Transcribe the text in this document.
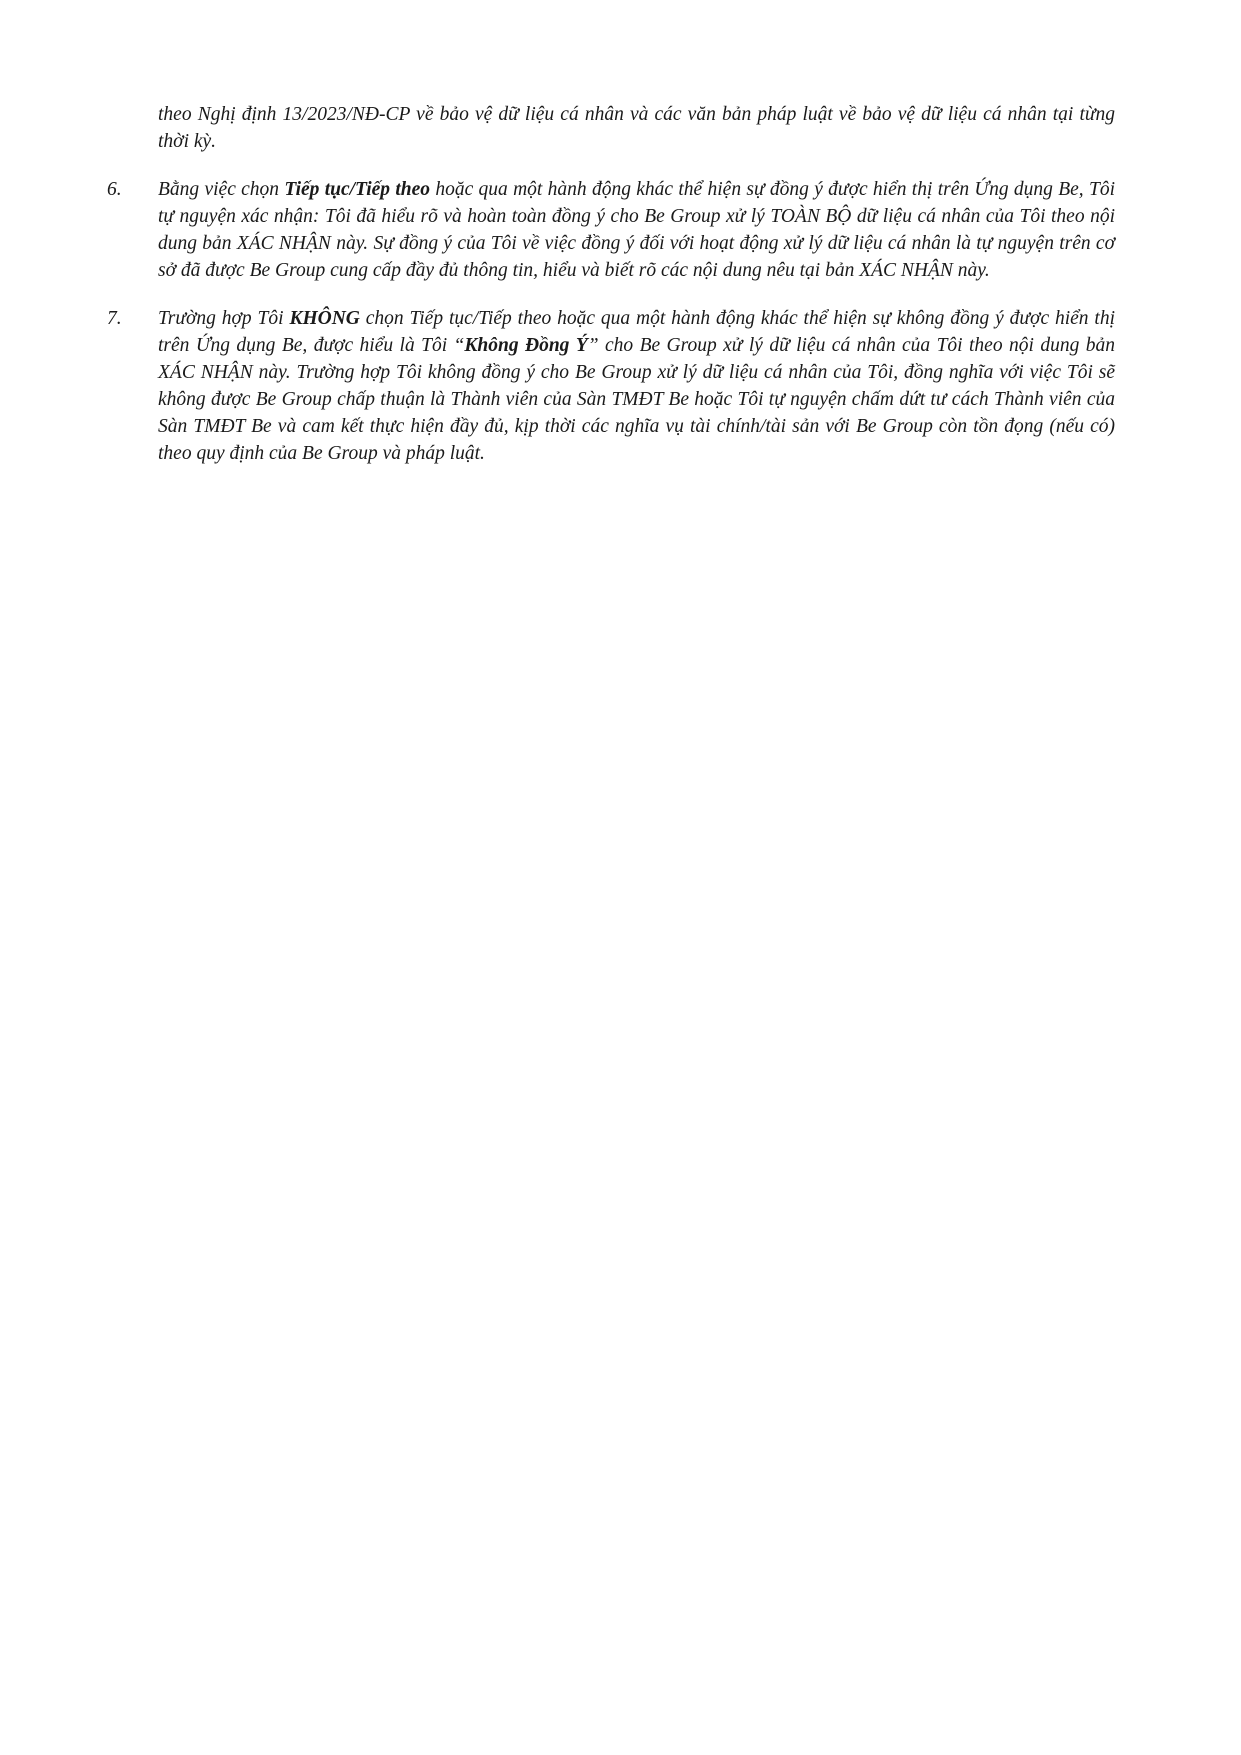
theo Nghị định 13/2023/NĐ-CP về bảo vệ dữ liệu cá nhân và các văn bản pháp luật về bảo vệ dữ liệu cá nhân tại từng thời kỳ.

6.	Bằng việc chọn Tiếp tục/Tiếp theo hoặc qua một hành động khác thể hiện sự đồng ý được hiển thị trên Ứng dụng Be, Tôi tự nguyện xác nhận: Tôi đã hiểu rõ và hoàn toàn đồng ý cho Be Group xử lý TOÀN BỘ dữ liệu cá nhân của Tôi theo nội dung bản XÁC NHẬN này. Sự đồng ý của Tôi về việc đồng ý đối với hoạt động xử lý dữ liệu cá nhân là tự nguyện trên cơ sở đã được Be Group cung cấp đầy đủ thông tin, hiểu và biết rõ các nội dung nêu tại bản XÁC NHẬN này.

7.	Trường hợp Tôi KHÔNG chọn Tiếp tục/Tiếp theo hoặc qua một hành động khác thể hiện sự không đồng ý được hiển thị trên Ứng dụng Be, được hiểu là Tôi “Không Đồng Ý” cho Be Group xử lý dữ liệu cá nhân của Tôi theo nội dung bản XÁC NHẬN này. Trường hợp Tôi không đồng ý cho Be Group xử lý dữ liệu cá nhân của Tôi, đồng nghĩa với việc Tôi sẽ không được Be Group chấp thuận là Thành viên của Sàn TMĐT Be hoặc Tôi tự nguyện chấm dứt tư cách Thành viên của Sàn TMĐT Be và cam kết thực hiện đầy đủ, kịp thời các nghĩa vụ tài chính/tài sản với Be Group còn tồn đọng (nếu có) theo quy định của Be Group và pháp luật.
